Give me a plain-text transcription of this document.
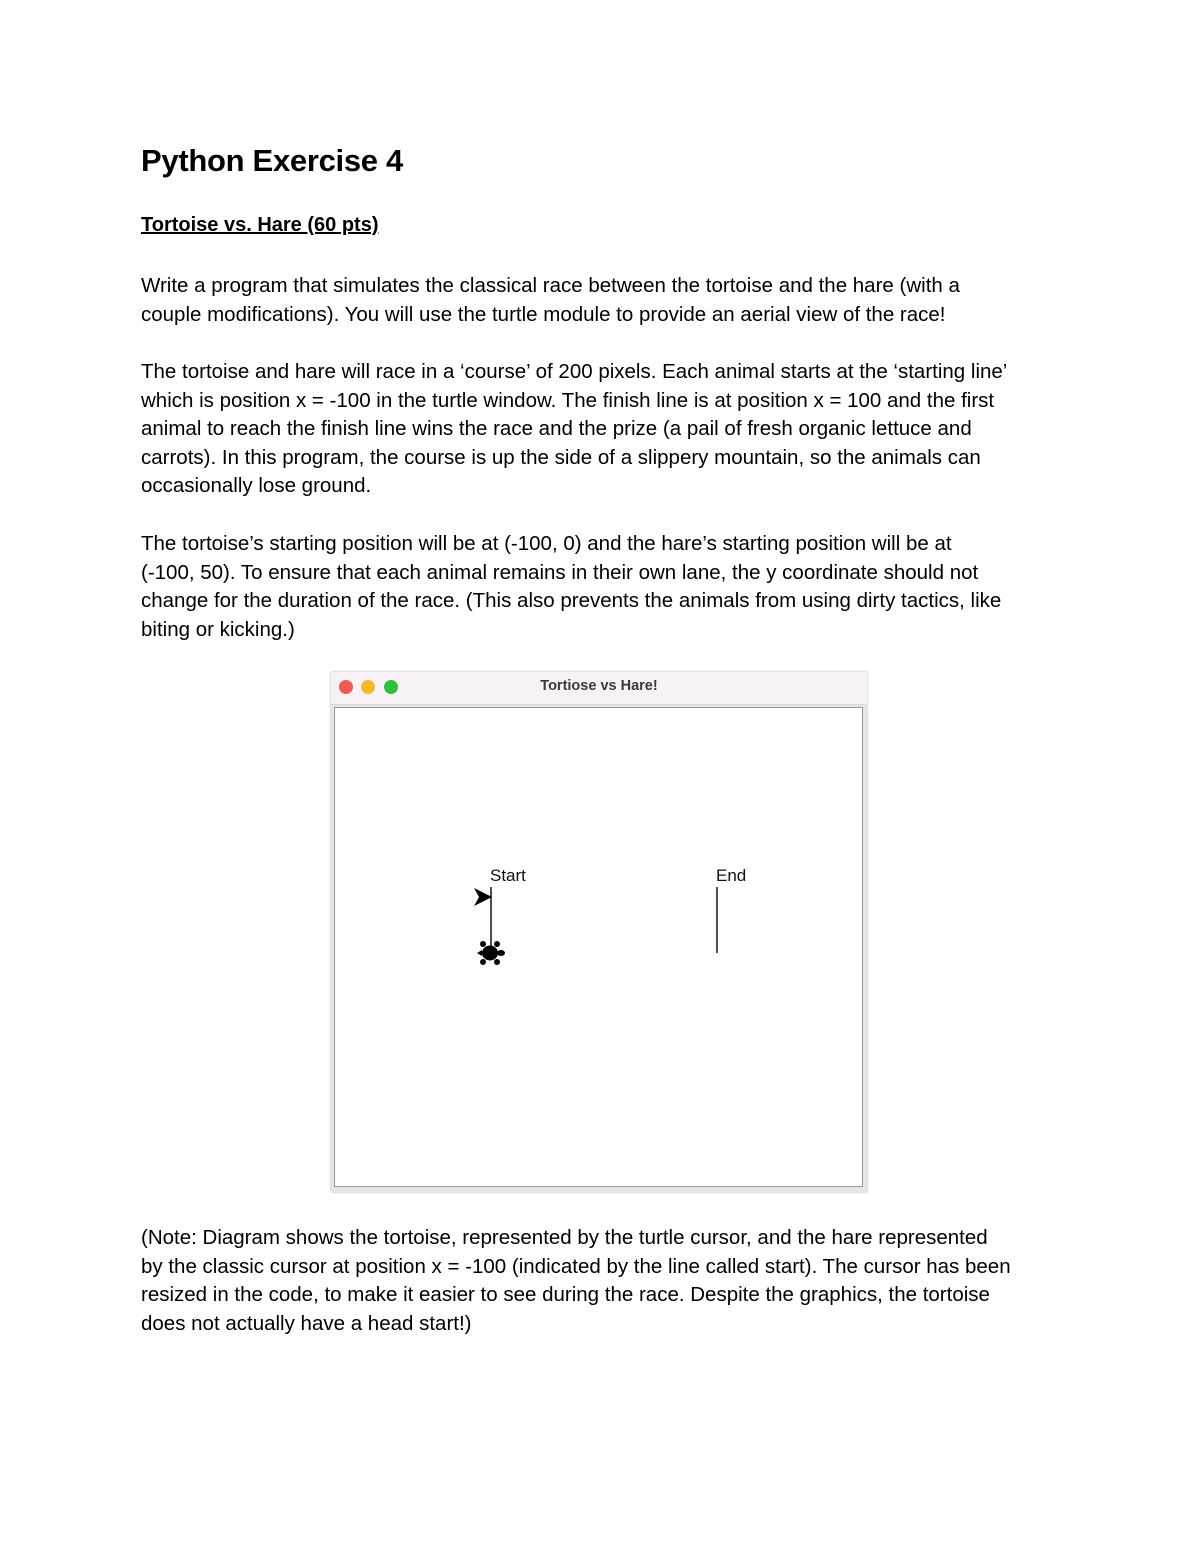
Python Exercise 4
Tortoise vs. Hare (60 pts)
Write a program that simulates the classical race between the tortoise and the hare (with a
couple modifications). You will use the turtle module to provide an aerial view of the race!
The tortoise and hare will race in a ‘course’ of 200 pixels. Each animal starts at the ‘starting line’
which is position x = -100 in the turtle window. The finish line is at position x = 100 and the first
animal to reach the finish line wins the race and the prize (a pail of fresh organic lettuce and
carrots). In this program, the course is up the side of a slippery mountain, so the animals can
occasionally lose ground.
The tortoise’s starting position will be at (-100, 0) and the hare’s starting position will be at
(-100, 50). To ensure that each animal remains in their own lane, the y coordinate should not
change for the duration of the race. (This also prevents the animals from using dirty tactics, like
biting or kicking.)
Tortiose vs Hare!
Start	End
(Note: Diagram shows the tortoise, represented by the turtle cursor, and the hare represented
by the classic cursor at position x = -100 (indicated by the line called start). The cursor has been
resized in the code, to make it easier to see during the race. Despite the graphics, the tortoise
does not actually have a head start!)
